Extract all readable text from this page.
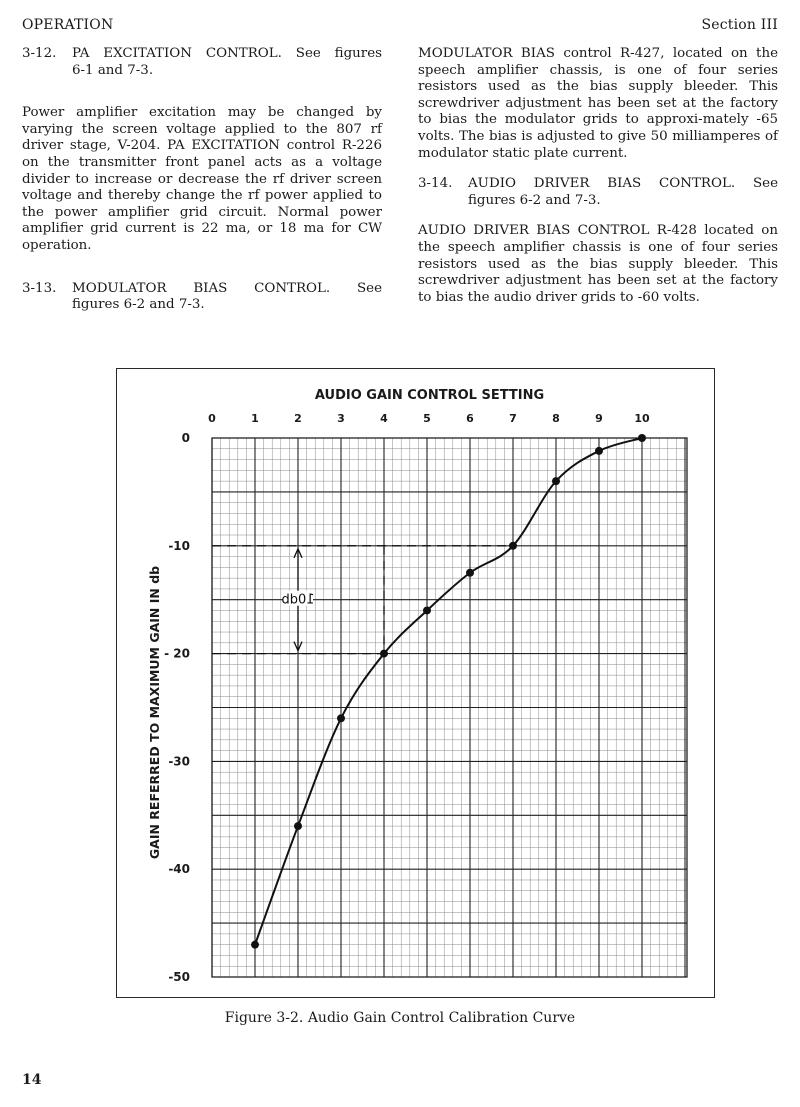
OPERATION	Section III
3-12.	PA EXCITATION CONTROL. See figures
6-1 and 7-3.

Power amplifier excitation may be changed by varying the screen voltage applied to the 807 rf driver stage, V-204. PA EXCITATION control R-226 on the transmitter front panel acts as a voltage divider to increase or decrease the rf driver screen voltage and thereby change the rf power applied to the power amplifier grid circuit. Normal power amplifier grid current is 22 ma, or 18 ma for CW operation.

3-13.	MODULATOR BIAS CONTROL. See
figures 6-2 and 7-3.

MODULATOR BIAS control R-427, located on the speech amplifier chassis, is one of four series resistors used as the bias supply bleeder. This screwdriver adjustment has been set at the factory to bias the modulator grids to approxi-mately -65 volts. The bias is adjusted to give 50 milliamperes of modulator static plate current.

3-14.	AUDIO DRIVER BIAS CONTROL. See
figures 6-2 and 7-3.

AUDIO DRIVER BIAS CONTROL R-428 located on the speech amplifier chassis is one of four series resistors used as the bias supply bleeder. This screwdriver adjustment has been set at the factory to bias the audio driver grids to -60 volts.

AUDIO GAIN CONTROL SETTING
0	1	2	3	4	5	6	7	8	9	10
0
-10
- 20
-30
-40
-50
GAIN REFERRED TO MAXIMUM GAIN IN db	10db
Figure 3-2. Audio Gain Control Calibration Curve
14
